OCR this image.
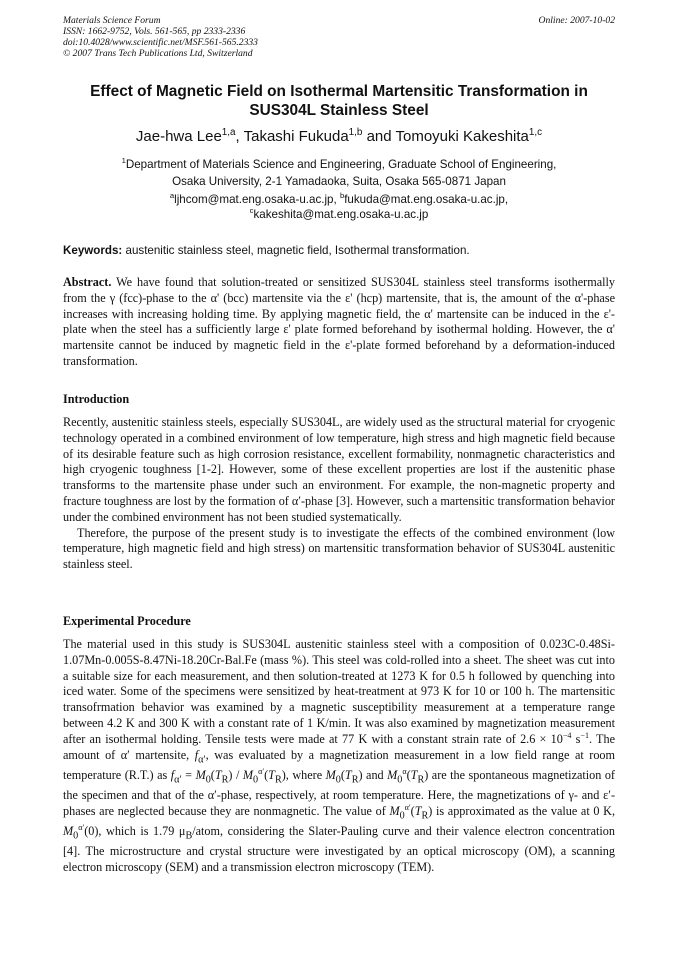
Materials Science Forum
ISSN: 1662-9752, Vols. 561-565, pp 2333-2336
doi:10.4028/www.scientific.net/MSF.561-565.2333
© 2007 Trans Tech Publications Ltd, Switzerland
Online: 2007-10-02
Effect of Magnetic Field on Isothermal Martensitic Transformation in
SUS304L Stainless Steel
Jae-hwa Lee$^{1,a}$, Takashi Fukuda$^{1,b}$ and Tomoyuki Kakeshita$^{1,c}$
$^1$Department of Materials Science and Engineering, Graduate School of Engineering,
Osaka University, 2-1 Yamadaoka, Suita, Osaka 565-0871 Japan
$^a$ljhcom@mat.eng.osaka-u.ac.jp, $^b$fukuda@mat.eng.osaka-u.ac.jp,
$^c$kakeshita@mat.eng.osaka-u.ac.jp
Keywords: austenitic stainless steel, magnetic field, Isothermal transformation.
Abstract. We have found that solution-treated or sensitized SUS304L stainless steel transforms isothermally from the γ (fcc)-phase to the α' (bcc) martensite via the ε' (hcp) martensite, that is, the amount of the α'-phase increases with increasing holding time. By applying magnetic field, the α' martensite can be induced in the ε'-plate when the steel has a sufficiently large ε' plate formed beforehand by isothermal holding. However, the α' martensite cannot be induced by magnetic field in the ε'-plate formed beforehand by a deformation-induced transformation.
Introduction
Recently, austenitic stainless steels, especially SUS304L, are widely used as the structural material for cryogenic technology operated in a combined environment of low temperature, high stress and high magnetic field because of its desirable feature such as high corrosion resistance, excellent formability, nonmagnetic characteristics and high cryogenic toughness [1-2]. However, some of these excellent properties are lost if the austenitic phase transforms to the martensite phase under such an environment. For example, the non-magnetic property and fracture toughness are lost by the formation of α′-phase [3]. However, such a martensitic transformation behavior under the combined environment has not been studied systematically.
Therefore, the purpose of the present study is to investigate the effects of the combined environment (low temperature, high magnetic field and high stress) on martensitic transformation behavior of SUS304L austenitic stainless steel.
Experimental Procedure
The material used in this study is SUS304L austenitic stainless steel with a composition of 0.023C-0.48Si-1.07Mn-0.005S-8.47Ni-18.20Cr-Bal.Fe (mass %). This steel was cold-rolled into a sheet. The sheet was cut into a suitable size for each measurement, and then solution-treated at 1273 K for 0.5 h followed by quenching into iced water. Some of the specimens were sensitized by heat-treatment at 973 K for 10 or 100 h. The martensitic transofrmation behavior was examined by a magnetic susceptibility measurement at a temperature range between 4.2 K and 300 K with a constant rate of 1 K/min. It was also examined by magnetization measurement after an isothermal holding. Tensile tests were made at 77 K with a constant strain rate of $2.6 \times 10^{-4}$ $s^{-1}$. The amount of α′ martensite, $f_{\alpha'}$, was evaluated by a magnetization measurement in a low field range at room temperature (R.T.) as $f_{\alpha'} = M_0(T_R) / M_0^{\alpha'}(T_R)$, where $M_0(T_R)$ and $M_0^\alpha(T_R)$ are the spontaneous magnetization of the specimen and that of the α′-phase, respectively, at room temperature. Here, the magnetizations of γ- and ε′-phases are neglected because they are nonmagnetic. The value of $M_0^{\alpha'}(T_R)$ is approximated as the value at 0 K, $M_0^{\alpha'}(0)$, which is 1.79 $\mu_B$/atom, considering the Slater-Pauling curve and their valence electron concentration [4]. The microstructure and crystal structure were investigated by an optical microscopy (OM), a scanning electron microscopy (SEM) and a transmission electron microscopy (TEM).
